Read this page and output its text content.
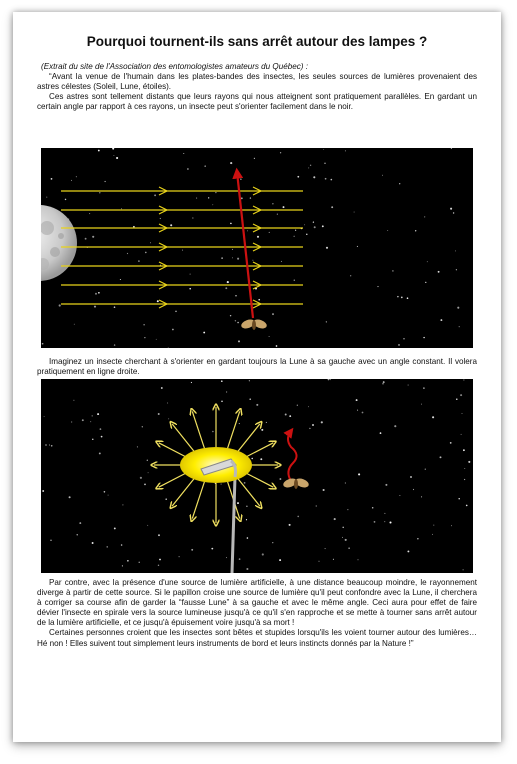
Pourquoi tournent-ils sans arrêt autour des lampes ?

(Extrait du site de l'Association des entomologistes amateurs du Québec) :

“Avant la venue de l'humain dans les plates-bandes des insectes, les seules sources de lumières provenaient des astres célestes (Soleil, Lune, étoiles).

Ces astres sont tellement distants que leurs rayons qui nous atteignent sont pratiquement parallèles. En gardant un certain angle par rapport à ces rayons, un insecte peut s'orienter facilement dans le noir.

Imaginez un insecte cherchant à s'orienter en gardant toujours la Lune à sa gauche avec un angle constant. Il volera pratiquement en ligne droite.

Par contre, avec la présence d'une source de lumière artificielle, à une distance beaucoup moindre, le rayonnement diverge à partir de cette source. Si le papillon croise une source de lumière qu'il peut confondre avec la Lune, il cherchera à corriger sa course afin de garder la “fausse Lune” à sa gauche et avec le même angle. Ceci aura pour effet de faire dévier l'insecte en spirale vers la source lumineuse jusqu'à ce qu'il s'en rapproche et se mette à tourner sans arrêt autour de la lumière artificielle, et ce jusqu'à épuisement voire jusqu'à sa mort !

Certaines personnes croient que les insectes sont bêtes et stupides lorsqu'ils les voient tourner autour des lumières… Hé non ! Elles suivent tout simplement leurs instruments de bord et leurs instincts donnés par la Nature !”
